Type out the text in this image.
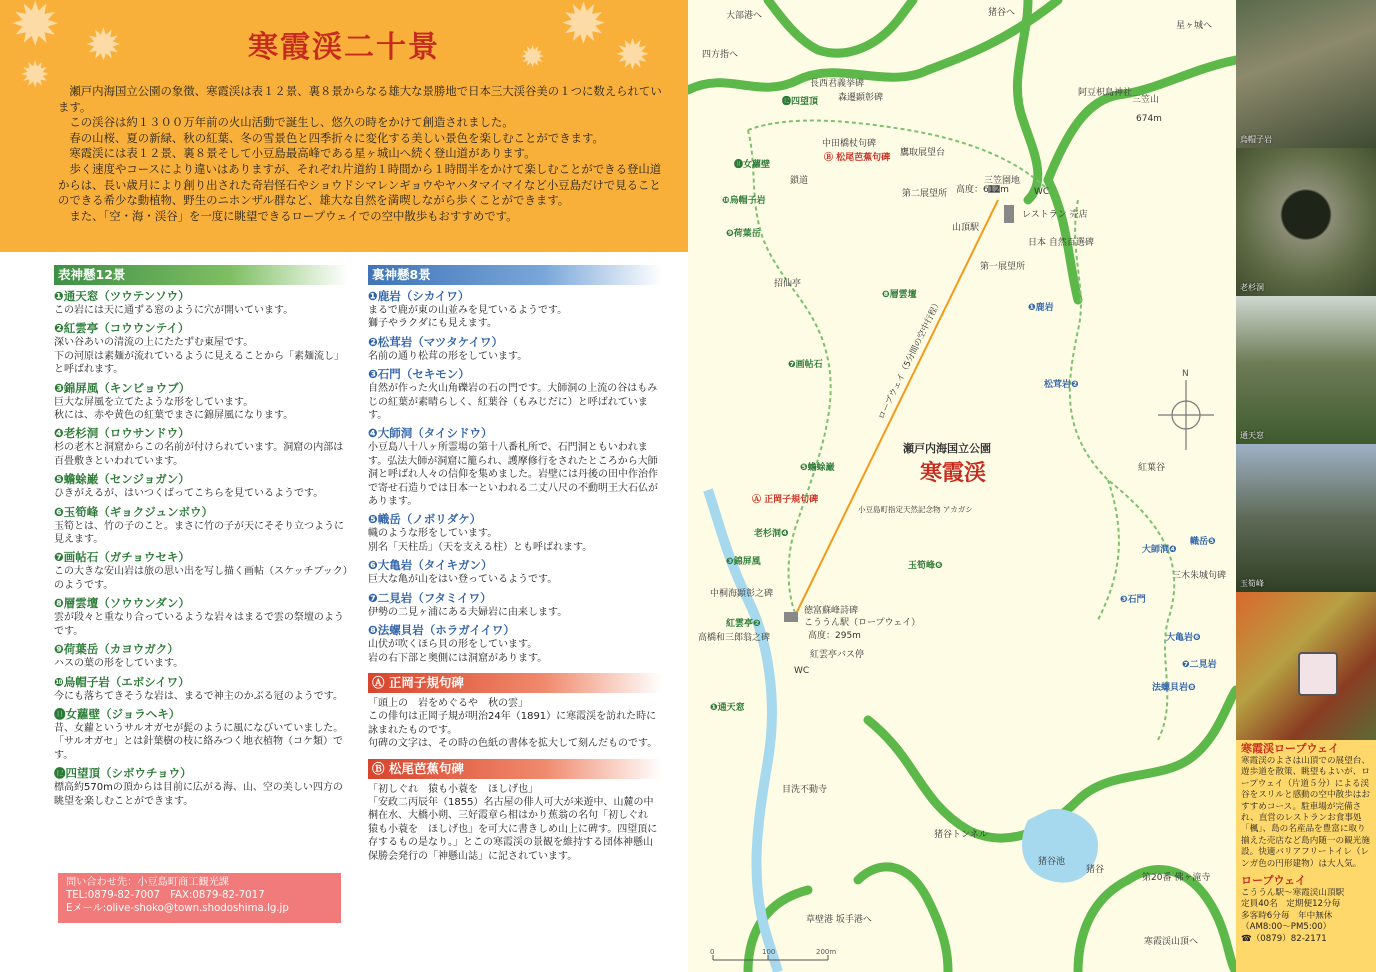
✹ ✹
✹
✹ ✹
✹
寒霞渓二十景

瀬戸内海国立公園の象徴、寒霞渓は表１２景、裏８景からなる雄大な景勝地で日本三大渓谷美の１つに数えられています。

この渓谷は約１３００万年前の火山活動で誕生し、悠久の時をかけて創造されました。

春の山桜、夏の新緑、秋の紅葉、冬の雪景色と四季折々に変化する美しい景色を楽しむことができます。

寒霞渓には表１２景、裏８景そして小豆島最高峰である星ヶ城山へ続く登山道があります。

歩く速度やコースにより違いはありますが、それぞれ片道約１時間から１時間半をかけて楽しむことができる登山道からは、長い歳月により創り出された奇岩怪石やショウドシマレンギョウやヤハタマイマイなど小豆島だけで見ることのできる希少な動植物、野生のニホンザル群など、雄大な自然を満喫しながら歩くことができます。

また、「空・海・渓谷」を一度に眺望できるロープウェイでの空中散歩もおすすめです。

表神懸12景
❶通天窓（ツウテンソウ）
この岩には天に通ずる窓のように穴が開いています。
❷紅雲亭（コウウンテイ）
深い谷あいの清流の上にたたずむ東屋です。
下の河原は素麺が流れているように見えることから「素麺流し」と呼ばれます。
❸錦屏風（キンビョウブ）
巨大な屏風を立てたような形をしています。
秋には、赤や黄色の紅葉でまさに錦屏風になります。
❹老杉洞（ロウサンドウ）
杉の老木と洞窟からこの名前が付けられています。洞窟の内部は百畳敷きといわれています。
❺蟾蜍巌（センジョガン）
ひきがえるが、はいつくばってこちらを見ているようです。
❻玉筍峰（ギョクジュンボウ）
玉筍とは、竹の子のこと。まさに竹の子が天にそそり立つように見えます。
❼画帖石（ガチョウセキ）
この大きな安山岩は旅の思い出を写し描く画帖（スケッチブック）のようです。
❽層雲壇（ソウウンダン）
雲が段々と重なり合っているような岩々はまるで雲の祭壇のようです。
❾荷葉岳（カヨウガク）
ハスの葉の形をしています。
❿烏帽子岩（エボシイワ）
今にも落ちてきそうな岩は、まるで神主のかぶる冠のようです。
⓫女蘿壁（ジョラヘキ）
昔、女蘿というサルオガセが髭のように風になびいていました。「サルオガセ」とは針葉樹の枝に絡みつく地衣植物（コケ類）です。
⓬四望頂（シボウチョウ）
標高約570mの頂からは目前に広がる海、山、空の美しい四方の眺望を楽しむことができます。
裏神懸8景
❶鹿岩（シカイワ）
まるで鹿が東の山並みを見ているようです。
獅子やラクダにも見えます。
❷松茸岩（マツタケイワ）
名前の通り松茸の形をしています。
❸石門（セキモン）
自然が作った火山角礫岩の石の門です。大師洞の上流の谷はもみじの紅葉が素晴らしく、紅葉谷（もみじだに）と呼ばれています。
❹大師洞（タイシドウ）
小豆島八十八ヶ所霊場の第十八番札所で、石門洞ともいわれます。弘法大師が洞窟に籠られ、護摩修行をされたところから大師洞と呼ばれ人々の信仰を集めました。岩壁には丹後の田中作治作で寄せ石造りでは日本一といわれる二丈八尺の不動明王大石仏があります。
❺幟岳（ノボリダケ）
幟のような形をしています。
別名「天柱岳」（天を支える柱）とも呼ばれます。
❻大亀岩（タイキガン）
巨大な亀が山をはい登っているようです。
❼二見岩（フタミイワ）
伊勢の二見ヶ浦にある夫婦岩に由来します。
❽法螺貝岩（ホラガイイワ）
山伏が吹くほら貝の形をしています。
岩の右下部と奥側には洞窟があります。
Ⓐ 正岡子規句碑
「頭上の　岩をめぐるや　秋の雲」
この俳句は正岡子規が明治24年（1891）に寒霞渓を訪れた時に詠まれたものです。
句碑の文字は、その時の色紙の書体を拡大して刻んだものです。
Ⓑ 松尾芭蕉句碑
「初しぐれ　猿も小蓑を　ほしげ也」
「安政二丙辰年（1855）名古屋の俳人可大が来遊中、山麓の中桐在水、大橋小朔、三好霞章ら相はかり蕉翁の名句「初しぐれ　猿も小蓑を　ほしげ也」を可大に書きしめ山上に碑す。四望頂に存するもの是なり。」とこの寒霞渓の景観を維持する団体神懸山保勝会発行の「神懸山誌」に記されています。
問い合わせ先：小豆島町商工観光課
TEL:0879-82-7007　FAX:0879-82-7017
Eメール:olive-shoko@town.shodoshima.lg.jp
N
0	100	200m
瀬戸内海国立公園
寒霞渓
大部港へ
四方指へ
猪谷へ
星ヶ城へ
長西君義挙碑
森遷顕彰碑
⓬四望頂
中田橋杖句碑
Ⓑ 松尾芭蕉句碑 鷹取展望台
⓫女蘿壁
鎖道
❿烏帽子岩
❾荷葉岳
第二展望所 高度：612m
三笠園地
WC
山頂駅
レストラン 売店
日本 自然百選碑
第一展望所
招仙亭
❽層雲壇
❶鹿岩
❼画帖石
松茸岩❷
❺蟾蜍巌
Ⓐ 正岡子規句碑
小豆島町指定天然記念物 アカガシ
老杉洞❹
❸錦屏風	玉筍峰❻
紅葉谷
大師洞❹
幟岳❺
三木朱城句碑
❸石門
中桐海顕彰之碑
徳富蘇峰詩碑
紅雲亭❷	こううん駅（ロープウェイ）
高度：295m
高橋和三郎翁之碑
紅雲亭バス停
WC
大亀岩❻
❼二見岩
法螺貝岩❽
❶通天窓
目洗不動寺
猪谷トンネル
猪谷池
猪谷
第20番 佛ヶ滝寺
草壁港 坂手港へ
寒霞渓山頂へ
三笠山
674m
阿豆枳島神社
ロープウェイ（5分間の空中行程）
烏帽子岩
老杉洞
通天窓
玉筍峰
寒霞渓ロープウェイ
寒霞渓のよさは山頂での展望台、遊歩道を散策、眺望もよいが、ロープウェイ（片道５分）による渓谷をスリルと感動の空中散歩はおすすめコース。駐車場が完備され、直営のレストランお食事処「楓」、島の名産品を豊富に取り揃えた売店など島内随一の観光施設。快適バリアフリートイレ（レンガ色の円形建物）は大人気。
ロープウェイ
こううん駅～寒霞渓山頂駅
定員40名　定期便12分毎
多客時6分毎　年中無休
（AM8:00～PM5:00）
☎（0879）82-2171
